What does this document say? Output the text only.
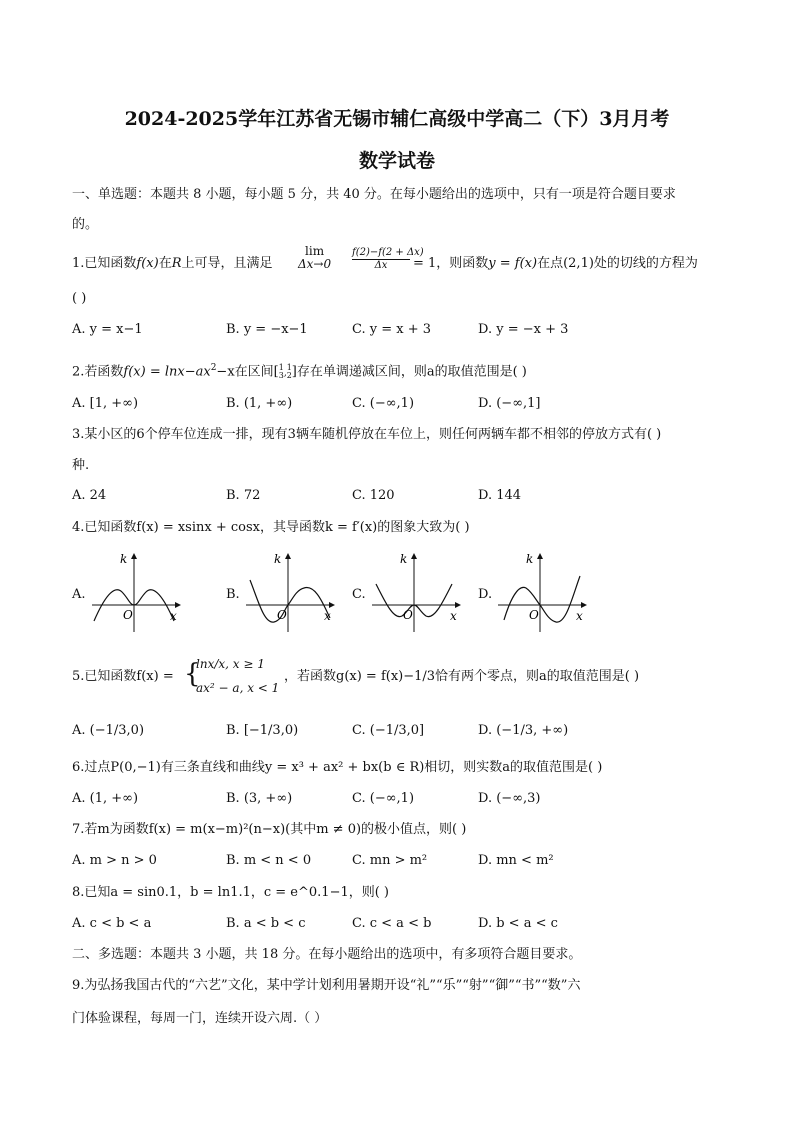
2024-2025学年江苏省无锡市辅仁高级中学高二（下）3月月考
数学试卷
一、单选题：本题共 8 小题，每小题 5 分，共 40 分。在每小题给出的选项中，只有一项是符合题目要求
的。
1.已知函数f(x)在R上可导，且满足
lim
Δx→0
f(2)−f(2 + Δx)
Δx	= 1，则函数y = f(x)在点(2,1)处的切线的方程为
( )
A. y = x−1	B. y = −x−1	C. y = x + 3	D. y = −x + 3
2.若函数$f(x) = \ln x-ax^2-x$在区间[ 1
3 ,
1
2 ]存在单调递减区间，则a的取值范围是( )
A. [1, +∞)	B. (1, +∞)	C. (−∞,1)	D. (−∞,1]
3.某小区的6个停车位连成一排，现有3辆车随机停放在车位上，则任何两辆车都不相邻的停放方式有( )
种.
A. 24	B. 72	C. 120	D. 144
4.已知函数f(x) = xsinx + cosx，其导函数k = f′(x)的图象大致为( )
A.	B.	C.	D.
k
x
O
k
x
O
k
x
O
k
x
O
5.已知函数f(x) = {
lnx/x, x ≥ 1
ax² − a, x < 1
，若函数g(x) = f(x)−1/3恰有两个零点，则a的取值范围是( )
A. (−1/3,0)	B. [−1/3,0)	C. (−1/3,0]	D. (−1/3, +∞)
6.过点P(0,−1)有三条直线和曲线y = x³ + ax² + bx(b ∈ R)相切，则实数a的取值范围是( )
A. (1, +∞)	B. (3, +∞)	C. (−∞,1)	D. (−∞,3)
7.若m为函数f(x) = m(x−m)²(n−x)(其中m ≠ 0)的极小值点，则( )
A. m > n > 0	B. m < n < 0	C. mn > m²	D. mn < m²
8.已知a = sin0.1，b = ln1.1，c = e^0.1−1，则( )
A. c < b < a	B. a < b < c	C. c < a < b	D. b < a < c
二、多选题：本题共 3 小题，共 18 分。在每小题给出的选项中，有多项符合题目要求。
9.为弘扬我国古代的“六艺”文化，某中学计划利用暑期开设“礼”“乐”“射”“御”“书”“数”六
门体验课程，每周一门，连续开设六周.（ ）
